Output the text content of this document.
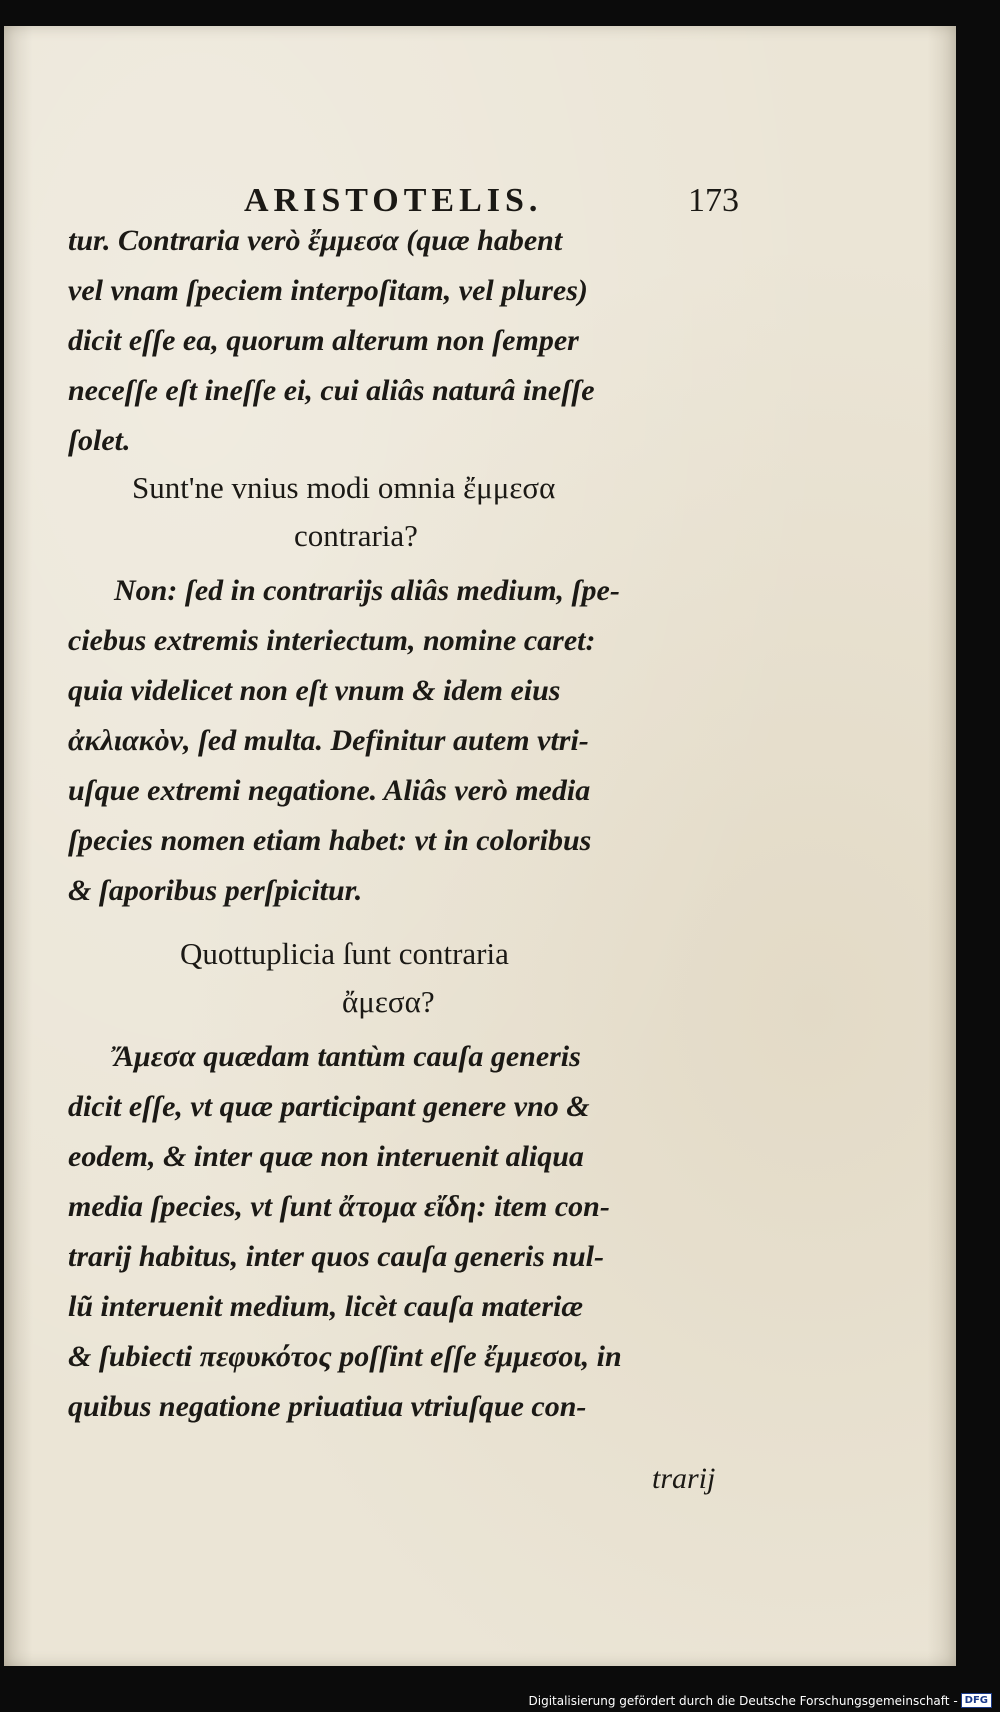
ARISTOTELIS.	173
tur. Contraria verò ἔμμεσα (quæ habent
vel vnam ſpeciem interpoſitam, vel plures)
dicit eſſe ea, quorum alterum non ſemper
neceſſe eſt ineſſe ei, cui aliâs naturâ ineſſe
ſolet.
Sunt'ne vnius modi omnia ἔμμεσα
contraria?
Non: ſed in contrarijs aliâs medium, ſpe-
ciebus extremis interiectum, nomine caret:
quia videlicet non eſt vnum & idem eius
ἀκλιακὸν, ſed multa. Definitur autem vtri-
uſque extremi negatione. Aliâs verò media
ſpecies nomen etiam habet: vt in coloribus
& ſaporibus perſpicitur.
Quottuplicia ſunt contraria
ἄμεσα?
Ἄμεσα quædam tantùm cauſa generis
dicit eſſe, vt quæ participant genere vno &
eodem, & inter quæ non interuenit aliqua
media ſpecies, vt ſunt ἄτομα εἴδη: item con-
trarij habitus, inter quos cauſa generis nul-
lũ interuenit medium, licèt cauſa materiæ
& ſubiecti πεφυκότος poſſint eſſe ἔμμεσοι, in
quibus negatione priuatiua vtriuſque con-
trarij
Digitalisierung gefördert durch die Deutsche Forschungsgemeinschaft - DFG
